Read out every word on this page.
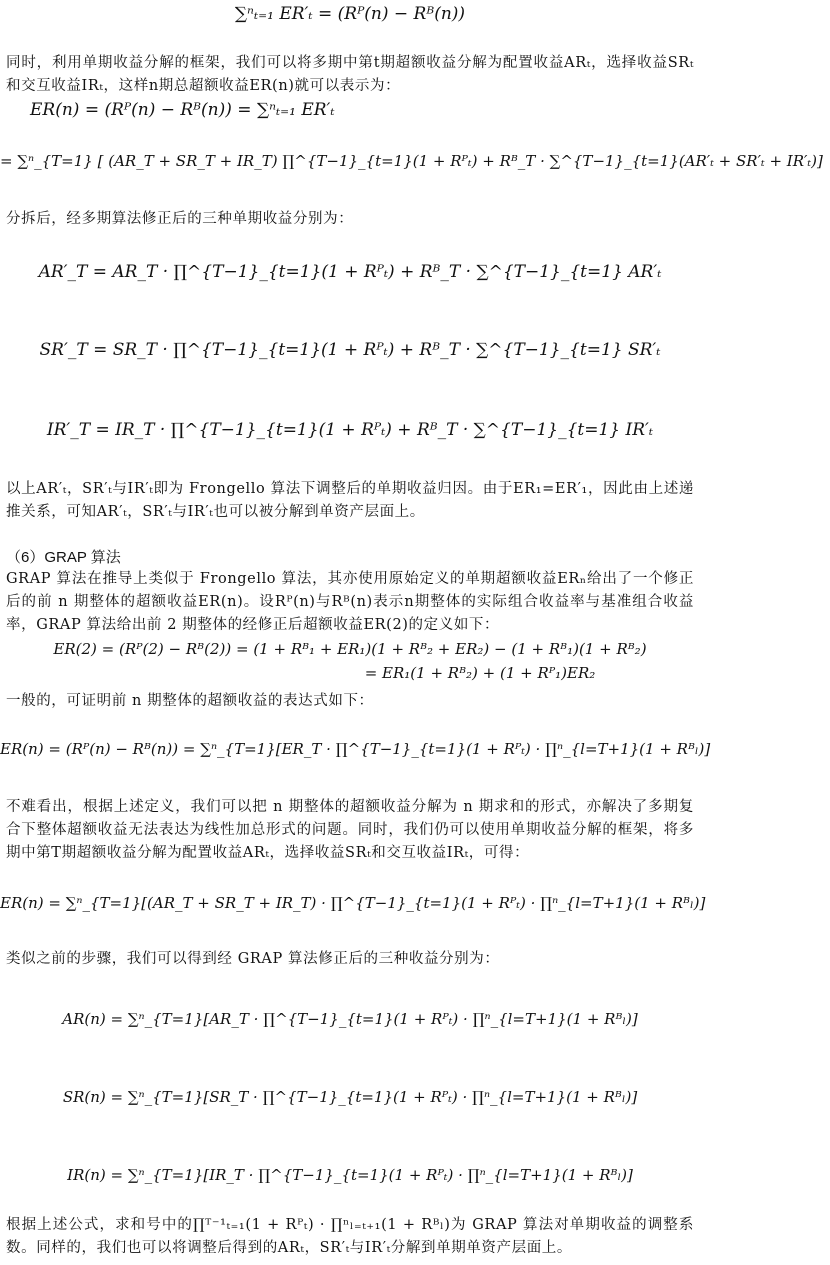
∑ⁿₜ₌₁ ER′ₜ = (Rᴾ(n) − Rᴮ(n))
同时，利用单期收益分解的框架，我们可以将多期中第t期超额收益分解为配置收益ARₜ，选择收益SRₜ和交互收益IRₜ，这样n期总超额收益ER(n)就可以表示为：
ER(n) = (Rᴾ(n) − Rᴮ(n)) = ∑ⁿₜ₌₁ ER′ₜ
= ∑ⁿ_{T=1} [ (AR_T + SR_T + IR_T) ∏^{T−1}_{t=1}(1 + Rᴾₜ) + Rᴮ_T · ∑^{T−1}_{t=1}(AR′ₜ + SR′ₜ + IR′ₜ)]
分拆后，经多期算法修正后的三种单期收益分别为：
AR′_T = AR_T · ∏^{T−1}_{t=1}(1 + Rᴾₜ) + Rᴮ_T · ∑^{T−1}_{t=1} AR′ₜ
SR′_T = SR_T · ∏^{T−1}_{t=1}(1 + Rᴾₜ) + Rᴮ_T · ∑^{T−1}_{t=1} SR′ₜ
IR′_T = IR_T · ∏^{T−1}_{t=1}(1 + Rᴾₜ) + Rᴮ_T · ∑^{T−1}_{t=1} IR′ₜ
以上AR′ₜ，SR′ₜ与IR′ₜ即为 Frongello 算法下调整后的单期收益归因。由于ER₁=ER′₁，因此由上述递推关系，可知AR′ₜ，SR′ₜ与IR′ₜ也可以被分解到单资产层面上。
（6）GRAP 算法
GRAP 算法在推导上类似于 Frongello 算法，其亦使用原始定义的单期超额收益ERₙ给出了一个修正后的前 n 期整体的超额收益ER(n)。设Rᴾ(n)与Rᴮ(n)表示n期整体的实际组合收益率与基准组合收益率，GRAP 算法给出前 2 期整体的经修正后超额收益ER(2)的定义如下：
ER(2) = (Rᴾ(2) − Rᴮ(2)) = (1 + Rᴮ₁ + ER₁)(1 + Rᴮ₂ + ER₂) − (1 + Rᴮ₁)(1 + Rᴮ₂)
= ER₁(1 + Rᴮ₂) + (1 + Rᴾ₁)ER₂
一般的，可证明前 n 期整体的超额收益的表达式如下：
ER(n) = (Rᴾ(n) − Rᴮ(n)) = ∑ⁿ_{T=1}[ER_T · ∏^{T−1}_{t=1}(1 + Rᴾₜ) · ∏ⁿ_{l=T+1}(1 + Rᴮₗ)]
不难看出，根据上述定义，我们可以把 n 期整体的超额收益分解为 n 期求和的形式，亦解决了多期复合下整体超额收益无法表达为线性加总形式的问题。同时，我们仍可以使用单期收益分解的框架，将多期中第T期超额收益分解为配置收益ARₜ，选择收益SRₜ和交互收益IRₜ，可得：
ER(n) = ∑ⁿ_{T=1}[(AR_T + SR_T + IR_T) · ∏^{T−1}_{t=1}(1 + Rᴾₜ) · ∏ⁿ_{l=T+1}(1 + Rᴮₗ)]
类似之前的步骤，我们可以得到经 GRAP 算法修正后的三种收益分别为：
AR(n) = ∑ⁿ_{T=1}[AR_T · ∏^{T−1}_{t=1}(1 + Rᴾₜ) · ∏ⁿ_{l=T+1}(1 + Rᴮₗ)]
SR(n) = ∑ⁿ_{T=1}[SR_T · ∏^{T−1}_{t=1}(1 + Rᴾₜ) · ∏ⁿ_{l=T+1}(1 + Rᴮₗ)]
IR(n) = ∑ⁿ_{T=1}[IR_T · ∏^{T−1}_{t=1}(1 + Rᴾₜ) · ∏ⁿ_{l=T+1}(1 + Rᴮₗ)]
根据上述公式，求和号中的∏ᵀ⁻¹ₜ₌₁(1 + Rᴾₜ) · ∏ⁿₗ₌ₜ₊₁(1 + Rᴮₗ)为 GRAP 算法对单期收益的调整系数。同样的，我们也可以将调整后得到的ARₜ，SR′ₜ与IR′ₜ分解到单期单资产层面上。
